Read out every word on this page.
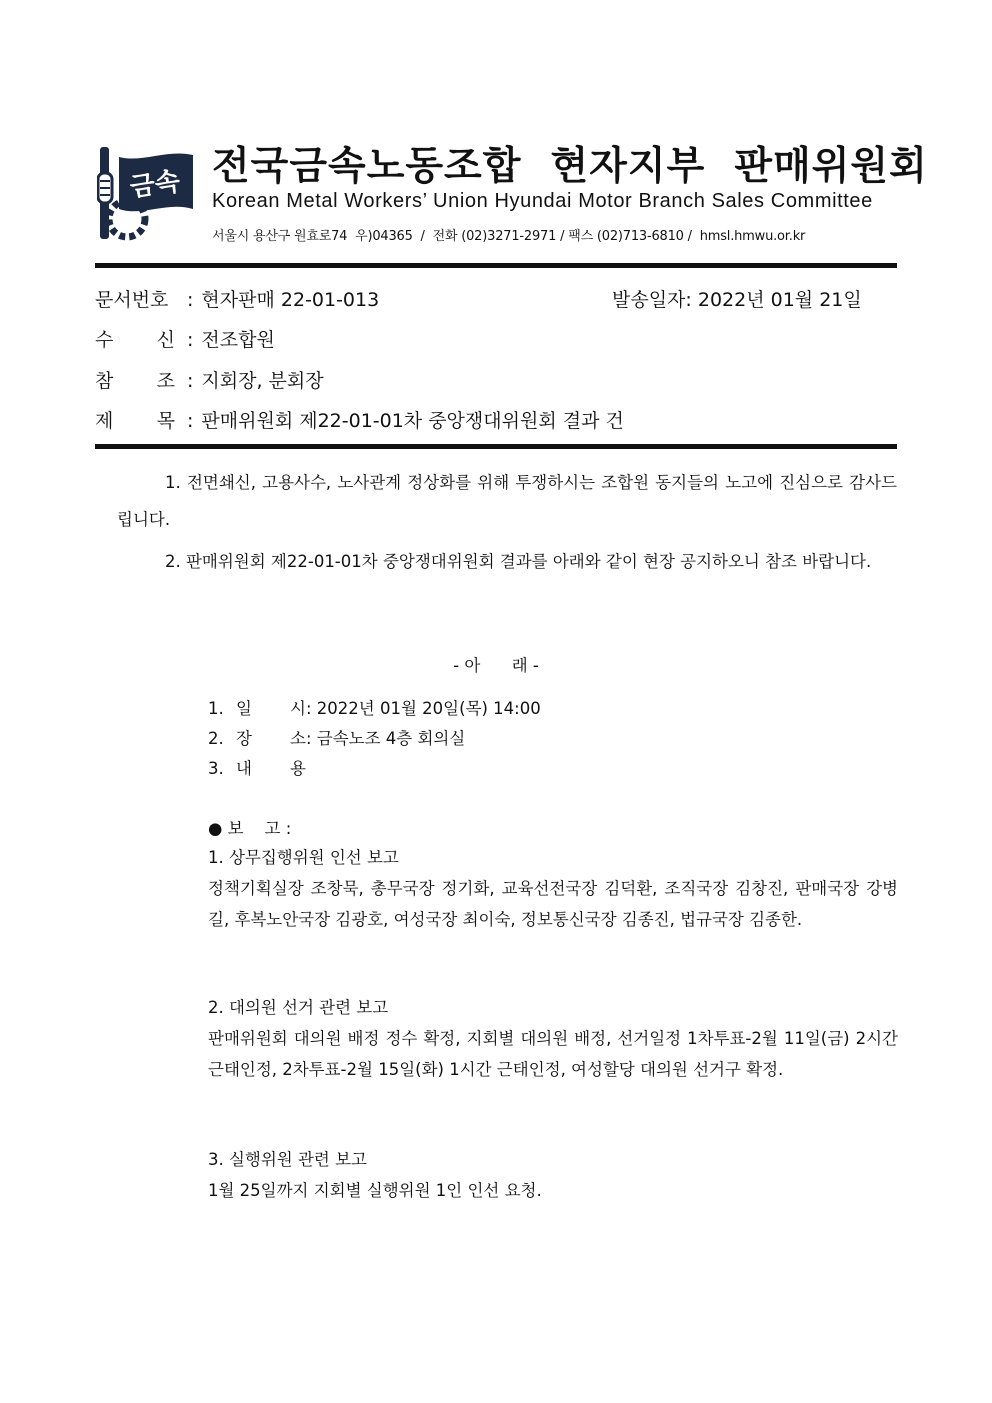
금속 전국금속노동조합  현자지부  판매위원회
Korean Metal Workers’ Union Hyundai Motor Branch Sales Committee
서울시 용산구 원효로74  우)04365  /  전화 (02)3271-2971 / 팩스 (02)713-6810 /  hmsl.hmwu.or.kr
문서번호 : 현자판매 22-01-013	발송일자: 2022년 01월 21일
수 신 : 전조합원
참 조 : 지회장, 분회장
제 목 : 판매위원회 제22-01-01차 중앙쟁대위원회 결과 건
1. 전면쇄신, 고용사수, 노사관계 정상화를 위해 투쟁하시는 조합원 동지들의 노고에 진심으로 감사드립니다.
2. 판매위원회 제22-01-01차 중앙쟁대위원회 결과를 아래와 같이 현장 공지하오니 참조 바랍니다.
- 아      래 -
1. 일 시: 2022년 01월 20일(목) 14:00
2. 장 소: 금속노조 4층 회의실
3. 내 용
● 보    고 :
1. 상무집행위원 인선 보고
정책기획실장 조창묵, 총무국장 정기화, 교육선전국장 김덕환, 조직국장 김창진, 판매국장 강병길, 후복노안국장 김광호, 여성국장 최이숙, 정보통신국장 김종진, 법규국장 김종한.
2. 대의원 선거 관련 보고
판매위원회 대의원 배정 정수 확정, 지회별 대의원 배정, 선거일정 1차투표-2월 11일(금) 2시간 근태인정, 2차투표-2월 15일(화) 1시간 근태인정, 여성할당 대의원 선거구 확정.
3. 실행위원 관련 보고
1월 25일까지 지회별 실행위원 1인 인선 요청.
